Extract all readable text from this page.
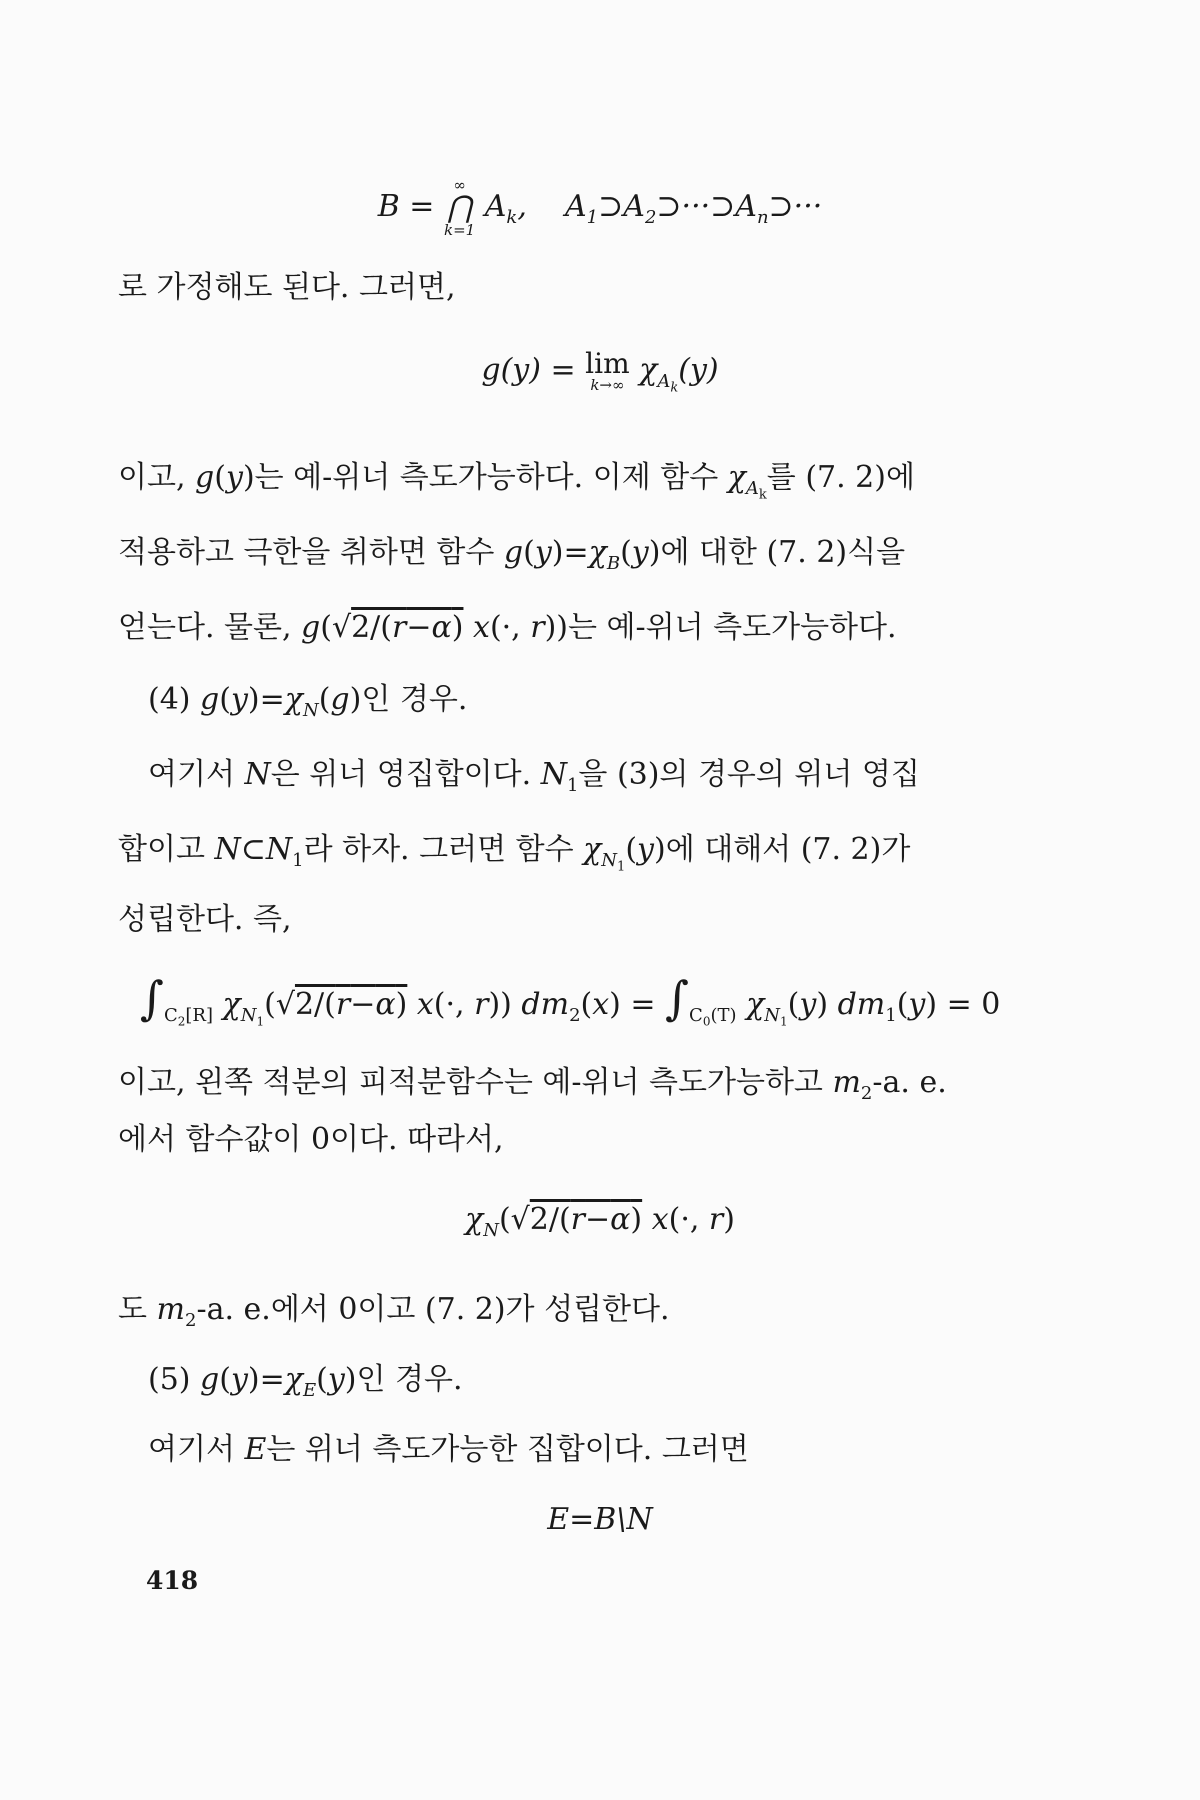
B =
∞
⋂
k=1
$A_k$,    $A_1⊃A_2⊃\cdot\cdot\cdot⊃A_n⊃\cdot\cdot\cdot$
로 가정해도 된다. 그러면,
g(y) = lim
k→∞ $\chi_{A_k}(y)$
이고, g(y)는 예-위너 측도가능하다. 이제 함수 $\chi_{A_k}$를 (7. 2)에
적용하고 극한을 취하면 함수 $g(y)=\chi_B(y)$에 대한 (7. 2)식을
얻는다. 물론, g(√2/(r−α) x(·, r))는 예-위너 측도가능하다.
(4) $g(y)=\chi_N(g)$인 경우.
여기서 N은 위너 영집합이다. $N_1$을 (3)의 경우의 위너 영집
합이고 $N\subset N_1$라 하자. 그러면 함수 $\chi_{N_1}(y)$에 대해서 (7. 2)가
성립한다. 즉,
$\int_{C_2[R]}$ $\chi_{N_1}(√2/(r-\alpha)$ x(·, r)) $dm_2(x) = \int_{C_0(T)}$ $\chi_{N_1}(y) dm_1(y) = 0$
이고, 왼쪽 적분의 피적분함수는 예-위너 측도가능하고 $m_2-a$. e.
에서 함수값이 0이다. 따라서,
$\chi_N(√2/(r-\alpha)$ x(·, r)
도 $m_2-a$. e.에서 0이고 (7. 2)가 성립한다.
(5) $g(y)=\chi_E(y)$인 경우.
여기서 E는 위너 측도가능한 집합이다. 그러면
E=B\N
418
